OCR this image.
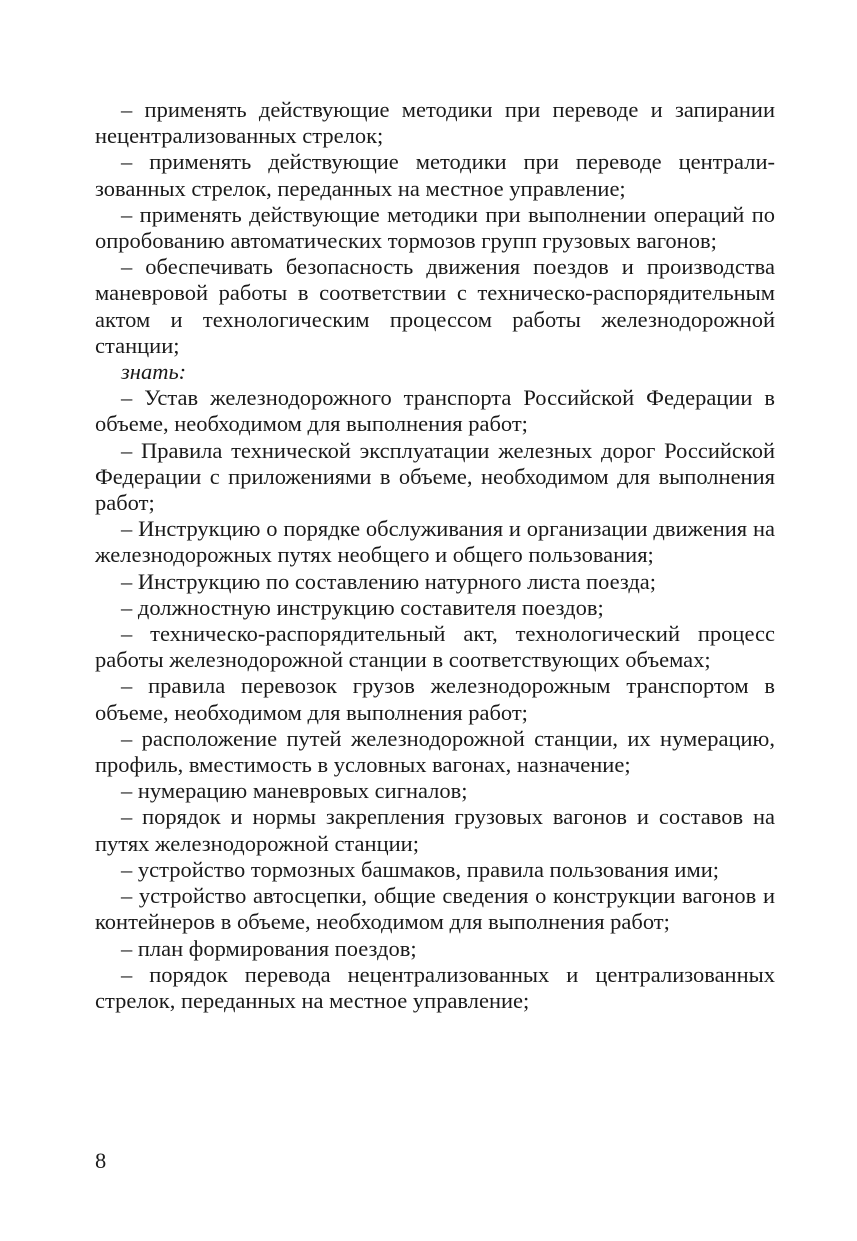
– применять действующие методики при переводе и запирании нецентрализованных стрелок;

– применять действующие методики при переводе централизованных стрелок, переданных на местное управление;

– применять действующие методики при выполнении операций по опробованию автоматических тормозов групп грузовых вагонов;

– обеспечивать безопасность движения поездов и производства маневровой работы в соответствии с техническо-распорядительным актом и технологическим процессом работы железнодорожной станции;

знать:

– Устав железнодорожного транспорта Российской Федерации в объеме, необходимом для выполнения работ;

– Правила технической эксплуатации железных дорог Российской Федерации с приложениями в объеме, необходимом для выполнения работ;

– Инструкцию о порядке обслуживания и организации движения на железнодорожных путях необщего и общего пользования;

– Инструкцию по составлению натурного листа поезда;

– должностную инструкцию составителя поездов;

– техническо-распорядительный акт, технологический процесс работы железнодорожной станции в соответствующих объемах;

– правила перевозок грузов железнодорожным транспортом в объеме, необходимом для выполнения работ;

– расположение путей железнодорожной станции, их нумерацию, профиль, вместимость в условных вагонах, назначение;

– нумерацию маневровых сигналов;

– порядок и нормы закрепления грузовых вагонов и составов на путях железнодорожной станции;

– устройство тормозных башмаков, правила пользования ими;

– устройство автосцепки, общие сведения о конструкции вагонов и контейнеров в объеме, необходимом для выполнения работ;

– план формирования поездов;

– порядок перевода нецентрализованных и централизованных стрелок, переданных на местное управление;

8
